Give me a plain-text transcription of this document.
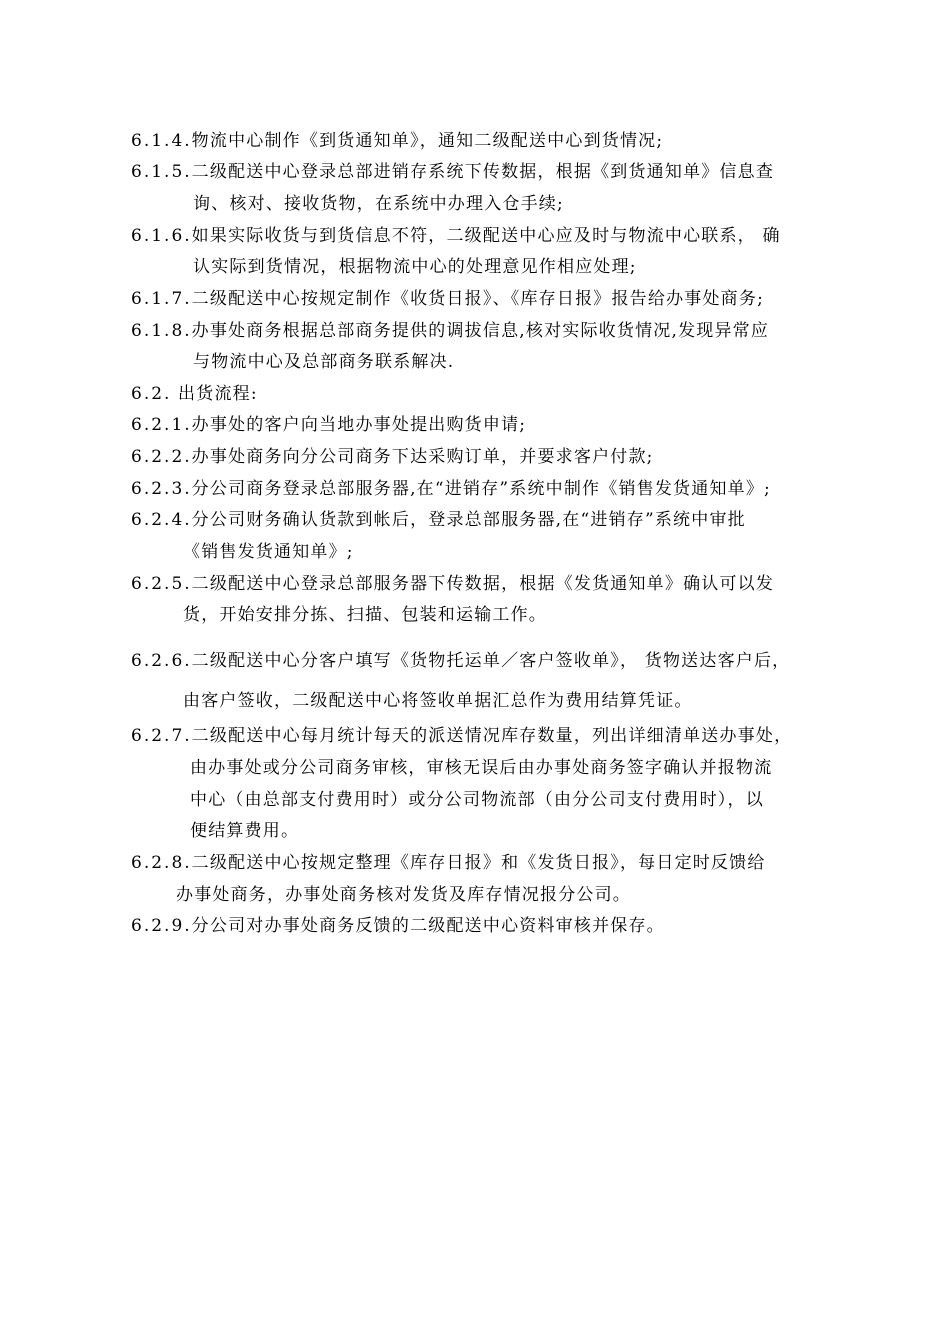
6.1.4.物流中心制作《到货通知单》，通知二级配送中心到货情况;
6.1.5.二级配送中心登录总部进销存系统下传数据，根据《到货通知单》信息查
询、核对、接收货物，在系统中办理入仓手续;
6.1.6.如果实际收货与到货信息不符，二级配送中心应及时与物流中心联系， 确
认实际到货情况，根据物流中心的处理意见作相应处理;
6.1.7.二级配送中心按规定制作《收货日报》、《库存日报》报告给办事处商务;
6.1.8.办事处商务根据总部商务提供的调拔信息,核对实际收货情况,发现异常应
与物流中心及总部商务联系解决.
6.2. 出货流程:
6.2.1.办事处的客户向当地办事处提出购货申请;
6.2.2.办事处商务向分公司商务下达采购订单，并要求客户付款;
6.2.3.分公司商务登录总部服务器,在“进销存”系统中制作《销售发货通知单》;
6.2.4.分公司财务确认货款到帐后，登录总部服务器,在“进销存”系统中审批
《销售发货通知单》;
6.2.5.二级配送中心登录总部服务器下传数据，根据《发货通知单》确认可以发
货，开始安排分拣、扫描、包装和运输工作。
6.2.6.二级配送中心分客户填写《货物托运单／客户签收单》， 货物送达客户后，
由客户签收，二级配送中心将签收单据汇总作为费用结算凭证。
6.2.7.二级配送中心每月统计每天的派送情况库存数量，列出详细清单送办事处，
由办事处或分公司商务审核，审核无误后由办事处商务签字确认并报物流
中心（由总部支付费用时）或分公司物流部（由分公司支付费用时），以
便结算费用。
6.2.8.二级配送中心按规定整理《库存日报》和《发货日报》，每日定时反馈给
办事处商务，办事处商务核对发货及库存情况报分公司。
6.2.9.分公司对办事处商务反馈的二级配送中心资料审核并保存。
